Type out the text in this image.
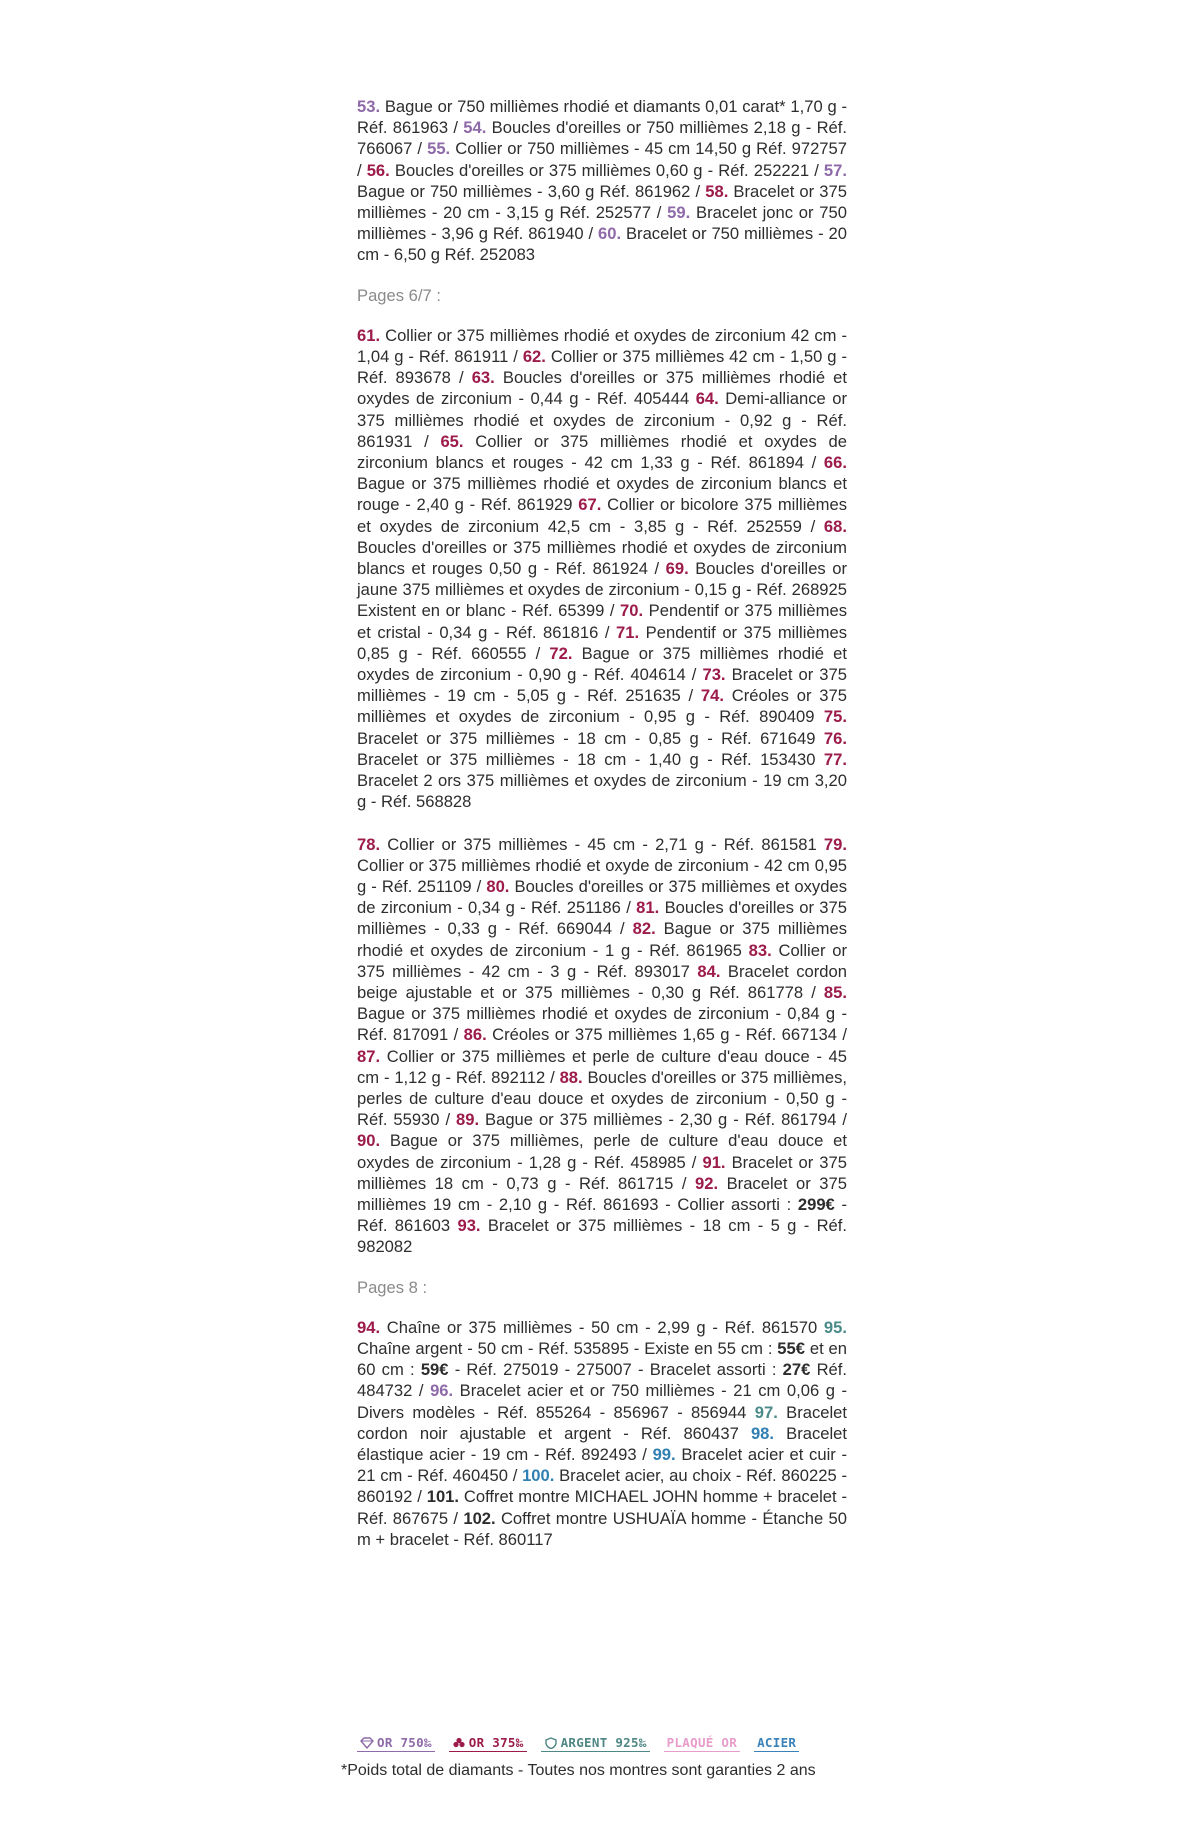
53. Bague or 750 millièmes rhodié et diamants 0,01 carat* 1,70 g - Réf. 861963 / 54. Boucles d'oreilles or 750 millièmes 2,18 g - Réf. 766067 / 55. Collier or 750 millièmes - 45 cm 14,50 g Réf. 972757 / 56. Boucles d'oreilles or 375 millièmes 0,60 g - Réf. 252221 / 57. Bague or 750 millièmes - 3,60 g Réf. 861962 / 58. Bracelet or 375 millièmes - 20 cm - 3,15 g Réf. 252577 / 59. Bracelet jonc or 750 millièmes - 3,96 g Réf. 861940 / 60. Bracelet or 750 millièmes - 20 cm - 6,50 g Réf. 252083

Pages 6/7 :

61. Collier or 375 millièmes rhodié et oxydes de zirconium 42 cm - 1,04 g - Réf. 861911 / 62. Collier or 375 millièmes 42 cm - 1,50 g - Réf. 893678 / 63. Boucles d'oreilles or 375 millièmes rhodié et oxydes de zirconium - 0,44 g - Réf. 405444 64. Demi-alliance or 375 millièmes rhodié et oxydes de zirconium - 0,92 g - Réf. 861931 / 65. Collier or 375 millièmes rhodié et oxydes de zirconium blancs et rouges - 42 cm 1,33 g - Réf. 861894 / 66. Bague or 375 millièmes rhodié et oxydes de zirconium blancs et rouge - 2,40 g - Réf. 861929 67. Collier or bicolore 375 millièmes et oxydes de zirconium 42,5 cm - 3,85 g - Réf. 252559 / 68. Boucles d'oreilles or 375 millièmes rhodié et oxydes de zirconium blancs et rouges 0,50 g - Réf. 861924 / 69. Boucles d'oreilles or jaune 375 millièmes et oxydes de zirconium - 0,15 g - Réf. 268925 Existent en or blanc - Réf. 65399 / 70. Pendentif or 375 millièmes et cristal - 0,34 g - Réf. 861816 / 71. Pendentif or 375 millièmes 0,85 g - Réf. 660555 / 72. Bague or 375 millièmes rhodié et oxydes de zirconium - 0,90 g - Réf. 404614 / 73. Bracelet or 375 millièmes - 19 cm - 5,05 g - Réf. 251635 / 74. Créoles or 375 millièmes et oxydes de zirconium - 0,95 g - Réf. 890409 75. Bracelet or 375 millièmes - 18 cm - 0,85 g - Réf. 671649 76. Bracelet or 375 millièmes - 18 cm - 1,40 g - Réf. 153430 77. Bracelet 2 ors 375 millièmes et oxydes de zirconium - 19 cm 3,20 g - Réf. 568828

78. Collier or 375 millièmes - 45 cm - 2,71 g - Réf. 861581 79. Collier or 375 millièmes rhodié et oxyde de zirconium - 42 cm 0,95 g - Réf. 251109 / 80. Boucles d'oreilles or 375 millièmes et oxydes de zirconium - 0,34 g - Réf. 251186 / 81. Boucles d'oreilles or 375 millièmes - 0,33 g - Réf. 669044 / 82. Bague or 375 millièmes rhodié et oxydes de zirconium - 1 g - Réf. 861965 83. Collier or 375 millièmes - 42 cm - 3 g - Réf. 893017 84. Bracelet cordon beige ajustable et or 375 millièmes - 0,30 g Réf. 861778 / 85. Bague or 375 millièmes rhodié et oxydes de zirconium - 0,84 g - Réf. 817091 / 86. Créoles or 375 millièmes 1,65 g - Réf. 667134 / 87. Collier or 375 millièmes et perle de culture d'eau douce - 45 cm - 1,12 g - Réf. 892112 / 88. Boucles d'oreilles or 375 millièmes, perles de culture d'eau douce et oxydes de zirconium - 0,50 g - Réf. 55930 / 89. Bague or 375 millièmes - 2,30 g - Réf. 861794 / 90. Bague or 375 millièmes, perle de culture d'eau douce et oxydes de zirconium - 1,28 g - Réf. 458985 / 91. Bracelet or 375 millièmes 18 cm - 0,73 g - Réf. 861715 / 92. Bracelet or 375 millièmes 19 cm - 2,10 g - Réf. 861693 - Collier assorti : 299€ - Réf. 861603 93. Bracelet or 375 millièmes - 18 cm - 5 g - Réf. 982082

Pages 8 :

94. Chaîne or 375 millièmes - 50 cm - 2,99 g - Réf. 861570 95. Chaîne argent - 50 cm - Réf. 535895 - Existe en 55 cm : 55€ et en 60 cm : 59€ - Réf. 275019 - 275007 - Bracelet assorti : 27€ Réf. 484732 / 96. Bracelet acier et or 750 millièmes - 21 cm 0,06 g - Divers modèles - Réf. 855264 - 856967 - 856944 97. Bracelet cordon noir ajustable et argent - Réf. 860437 98. Bracelet élastique acier - 19 cm - Réf. 892493 / 99. Bracelet acier et cuir - 21 cm - Réf. 460450 / 100. Bracelet acier, au choix - Réf. 860225 - 860192 / 101. Coffret montre MICHAEL JOHN homme + bracelet - Réf. 867675 / 102. Coffret montre USHUAÏA homme - Étanche 50 m + bracelet - Réf. 860117

OR 750‰	OR 375‰	ARGENT 925‰ PLAQUÉ OR ACIER
*Poids total de diamants - Toutes nos montres sont garanties 2 ans
